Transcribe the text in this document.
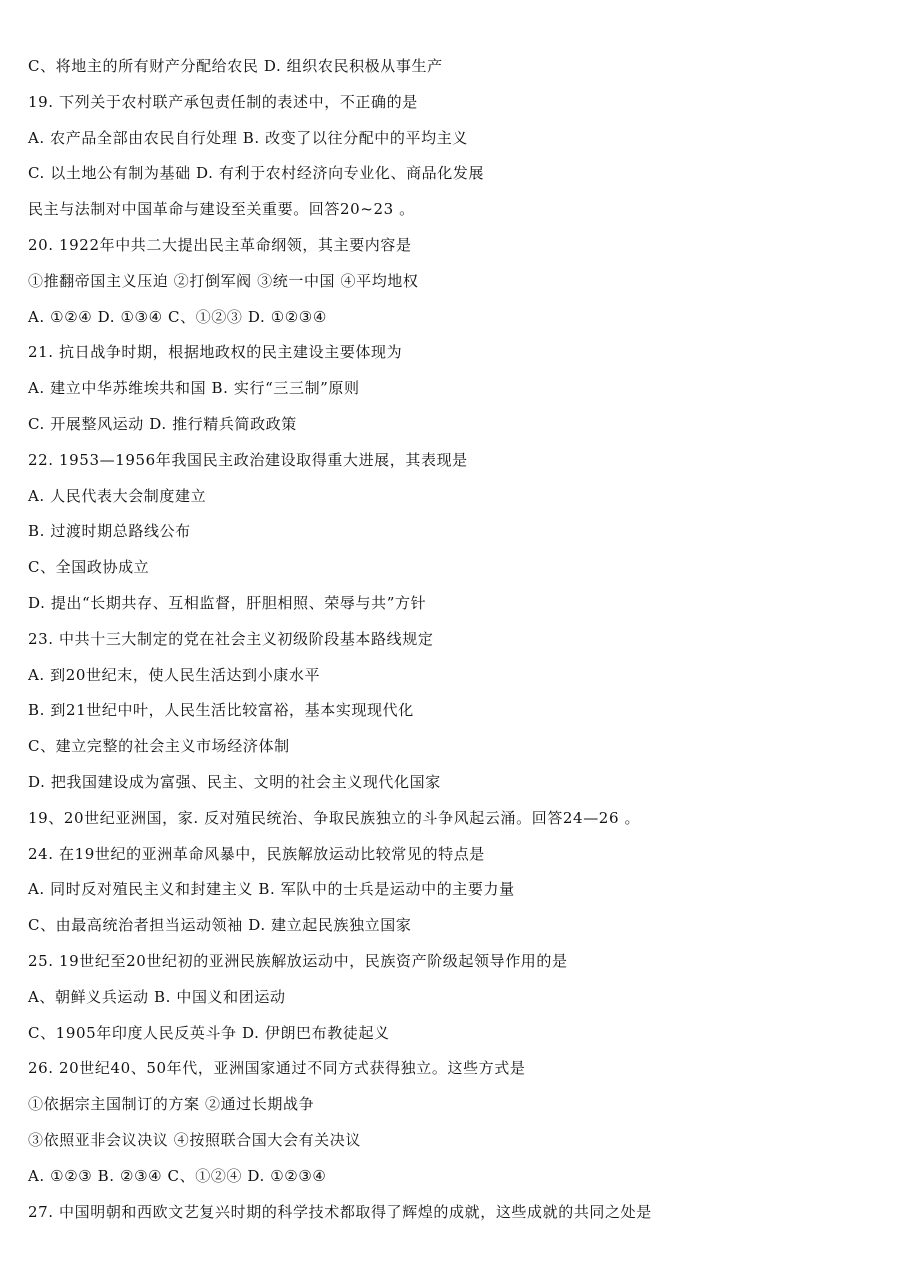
C、将地主的所有财产分配给农民 D. 组织农民积极从事生产
19. 下列关于农村联产承包责任制的表述中，不正确的是
A. 农产品全部由农民自行处理 B. 改变了以往分配中的平均主义
C. 以土地公有制为基础 D. 有利于农村经济向专业化、商品化发展
民主与法制对中国革命与建设至关重要。回答20~23 。
20. 1922年中共二大提出民主革命纲领，其主要内容是
①推翻帝国主义压迫 ②打倒军阀 ③统一中国 ④平均地权
A. ①②④ D. ①③④ C、①②③ D. ①②③④
21. 抗日战争时期，根据地政权的民主建设主要体现为
A. 建立中华苏维埃共和国 B. 实行“三三制”原则
C. 开展整风运动 D. 推行精兵简政政策
22. 1953—1956年我国民主政治建设取得重大进展，其表现是
A. 人民代表大会制度建立
B. 过渡时期总路线公布
C、全国政协成立
D. 提出“长期共存、互相监督，肝胆相照、荣辱与共”方针
23. 中共十三大制定的党在社会主义初级阶段基本路线规定
A. 到20世纪末，使人民生活达到小康水平
B. 到21世纪中叶，人民生活比较富裕，基本实现现代化
C、建立完整的社会主义市场经济体制
D. 把我国建设成为富强、民主、文明的社会主义现代化国家
19、20世纪亚洲国，家. 反对殖民统治、争取民族独立的斗争风起云涌。回答24—26 。
24. 在19世纪的亚洲革命风暴中，民族解放运动比较常见的特点是
A. 同时反对殖民主义和封建主义 B. 军队中的士兵是运动中的主要力量
C、由最高统治者担当运动领袖 D. 建立起民族独立国家
25. 19世纪至20世纪初的亚洲民族解放运动中，民族资产阶级起领导作用的是
A、朝鲜义兵运动 B. 中国义和团运动
C、1905年印度人民反英斗争 D. 伊朗巴布教徒起义
26. 20世纪40、50年代，亚洲国家通过不同方式获得独立。这些方式是
①依据宗主国制订的方案 ②通过长期战争
③依照亚非会议决议 ④按照联合国大会有关决议
A. ①②③ B. ②③④ C、①②④ D. ①②③④
27. 中国明朝和西欧文艺复兴时期的科学技术都取得了辉煌的成就，这些成就的共同之处是
